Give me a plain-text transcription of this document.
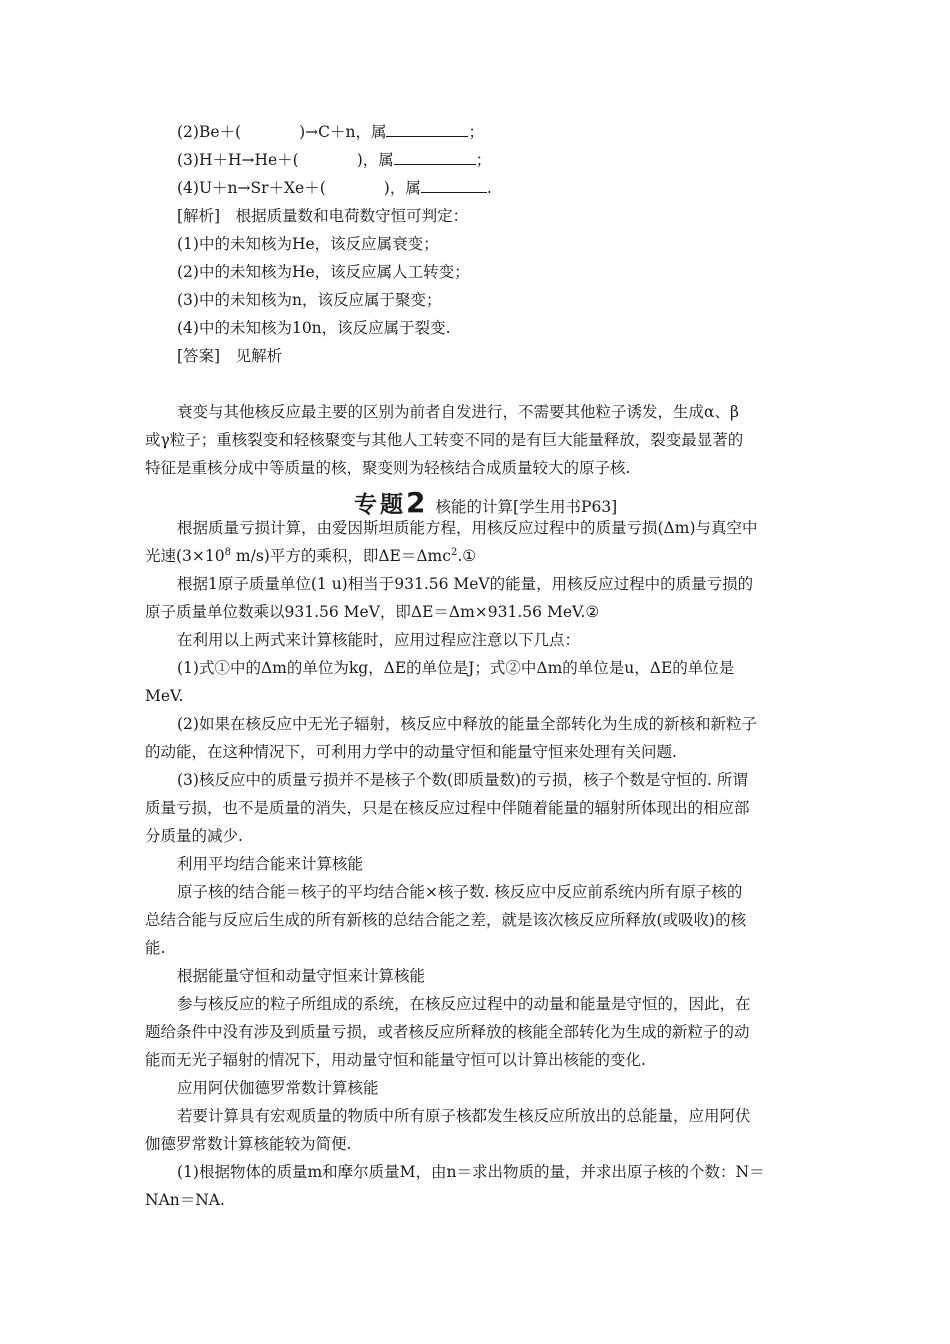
(2)Be＋(	)→C＋n，属	；
(3)H＋H→He＋(	)，属	；
(4)U＋n→Sr＋Xe＋(	)，属	.
[解析]　根据质量数和电荷数守恒可判定：
(1)中的未知核为He，该反应属衰变；
(2)中的未知核为He，该反应属人工转变；
(3)中的未知核为n，该反应属于聚变；
(4)中的未知核为10n，该反应属于裂变.
[答案]　见解析
衰变与其他核反应最主要的区别为前者自发进行，不需要其他粒子诱发，生成α、β
或γ粒子；重核裂变和轻核聚变与其他人工转变不同的是有巨大能量释放，裂变最显著的
特征是重核分成中等质量的核，聚变则为轻核结合成质量较大的原子核.
专题2 核能的计算[学生用书P63]
根据质量亏损计算，由爱因斯坦质能方程，用核反应过程中的质量亏损(Δm)与真空中
光速($3\times 10^8$ m/s)平方的乘积，即ΔE＝Δmc$^2$.①
根据1原子质量单位(1 u)相当于931.56 MeV的能量，用核反应过程中的质量亏损的
原子质量单位数乘以931.56 MeV，即ΔE＝Δm×931.56 MeV.②
在利用以上两式来计算核能时，应用过程应注意以下几点：
(1)式①中的Δm的单位为kg，ΔE的单位是J；式②中Δm的单位是u，ΔE的单位是
MeV.
(2)如果在核反应中无光子辐射，核反应中释放的能量全部转化为生成的新核和新粒子
的动能，在这种情况下，可利用力学中的动量守恒和能量守恒来处理有关问题.
(3)核反应中的质量亏损并不是核子个数(即质量数)的亏损，核子个数是守恒的. 所谓
质量亏损，也不是质量的消失，只是在核反应过程中伴随着能量的辐射所体现出的相应部
分质量的减少.
利用平均结合能来计算核能
原子核的结合能＝核子的平均结合能×核子数. 核反应中反应前系统内所有原子核的
总结合能与反应后生成的所有新核的总结合能之差，就是该次核反应所释放(或吸收)的核
能.
根据能量守恒和动量守恒来计算核能
参与核反应的粒子所组成的系统，在核反应过程中的动量和能量是守恒的，因此，在
题给条件中没有涉及到质量亏损，或者核反应所释放的核能全部转化为生成的新粒子的动
能而无光子辐射的情况下，用动量守恒和能量守恒可以计算出核能的变化.
应用阿伏伽德罗常数计算核能
若要计算具有宏观质量的物质中所有原子核都发生核反应所放出的总能量，应用阿伏
伽德罗常数计算核能较为简便.
(1)根据物体的质量m和摩尔质量M，由n＝求出物质的量，并求出原子核的个数：N＝
NAn＝NA.
